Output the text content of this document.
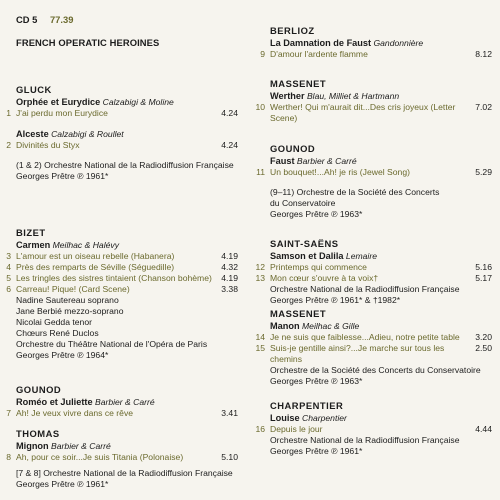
CD 5 77.39
FRENCH OPERATIC HEROINES
GLUCK
Orphée et Eurydice Calzabigi & Moline
1 J'ai perdu mon Eurydice	4.24
Alceste Calzabigi & Roullet
2 Divinités du Styx	4.24
(1 & 2) Orchestre National de la Radiodiffusion Française
Georges Prêtre ℗ 1961*
BIZET
Carmen Meilhac & Halévy
3 L'amour est un oiseau rebelle (Habanera)	4.19
4 Près des remparts de Séville (Séguedille)	4.32
5 Les tringles des sistres tintaient (Chanson bohème) 4.19
6 Carreau! Pique! (Card Scene)	3.38
Nadine Sautereau soprano
Jane Berbié mezzo-soprano
Nicolai Gedda tenor
Chœurs René Duclos
Orchestre du Théâtre National de l'Opéra de Paris
Georges Prêtre ℗ 1964*
GOUNOD
Roméo et Juliette Barbier & Carré
7 Ah! Je veux vivre dans ce rêve	3.41
THOMAS
Mignon Barbier & Carré
8 Ah, pour ce soir...Je suis Titania (Polonaise)	5.10
[7 & 8] Orchestre National de la Radiodiffusion Française
Georges Prêtre ℗ 1961*
BERLIOZ
La Damnation de Faust Gandonnière
9 D'amour l'ardente flamme	8.12
MASSENET
Werther Blau, Milliet & Hartmann
10 Werther! Qui m'aurait dit...Des cris joyeux (Letter Scene)
7.02
GOUNOD
Faust Barbier & Carré
11 Un bouquet!...Ah! je ris (Jewel Song)	5.29
(9–11) Orchestre de la Société des Concerts
du Conservatoire
Georges Prêtre ℗ 1963*
SAINT-SAËNS
Samson et Dalila Lemaire
12 Printemps qui commence	5.16
13 Mon cœur s'ouvre à ta voix†	5.17
Orchestre National de la Radiodiffusion Française
Georges Prêtre ℗ 1961* & †1982*
MASSENET
Manon Meilhac & Gille
14 Je ne suis que faiblesse...Adieu, notre petite table 3.20
15 Suis-je gentille ainsi?...Je marche sur tous les chemins
2.50
Orchestre de la Société des Concerts du Conservatoire
Georges Prêtre ℗ 1963*
CHARPENTIER
Louise Charpentier
16 Depuis le jour	4.44
Orchestre National de la Radiodiffusion Française
Georges Prêtre ℗ 1961*
